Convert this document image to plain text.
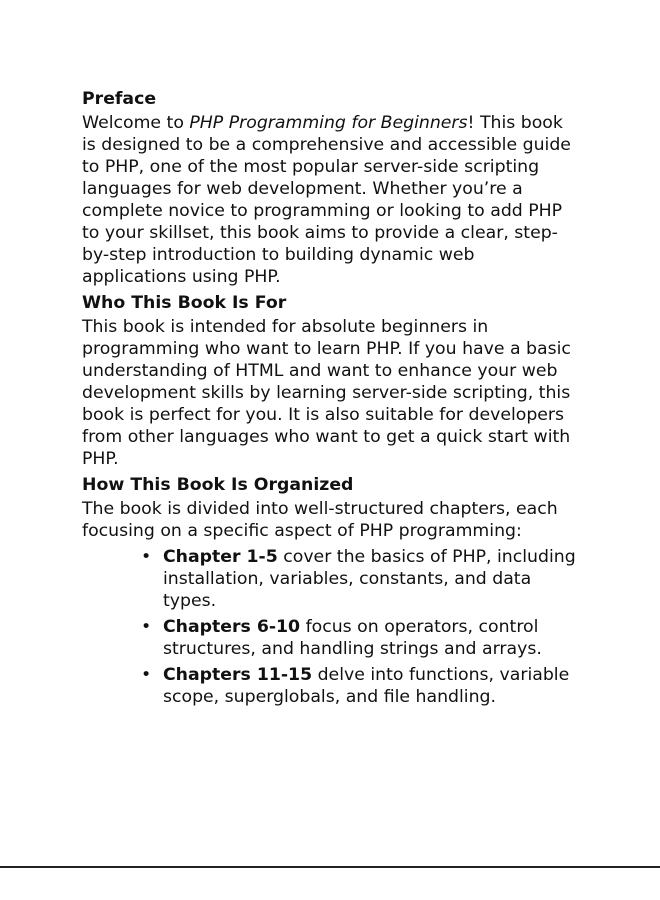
Preface

Welcome to PHP Programming for Beginners! This book is designed to be a comprehensive and accessible guide to PHP, one of the most popular server-side scripting languages for web development. Whether you’re a complete novice to programming or looking to add PHP to your skillset, this book aims to provide a clear, step-by-step introduction to building dynamic web applications using PHP.

Who This Book Is For

This book is intended for absolute beginners in programming who want to learn PHP. If you have a basic understanding of HTML and want to enhance your web development skills by learning server-side scripting, this book is perfect for you. It is also suitable for developers from other languages who want to get a quick start with PHP.

How This Book Is Organized

The book is divided into well-structured chapters, each focusing on a specific aspect of PHP programming:

• Chapter 1-5 cover the basics of PHP, including installation, variables, constants, and data types.
• Chapters 6-10 focus on operators, control structures, and handling strings and arrays.
• Chapters 11-15 delve into functions, variable scope, superglobals, and file handling.
